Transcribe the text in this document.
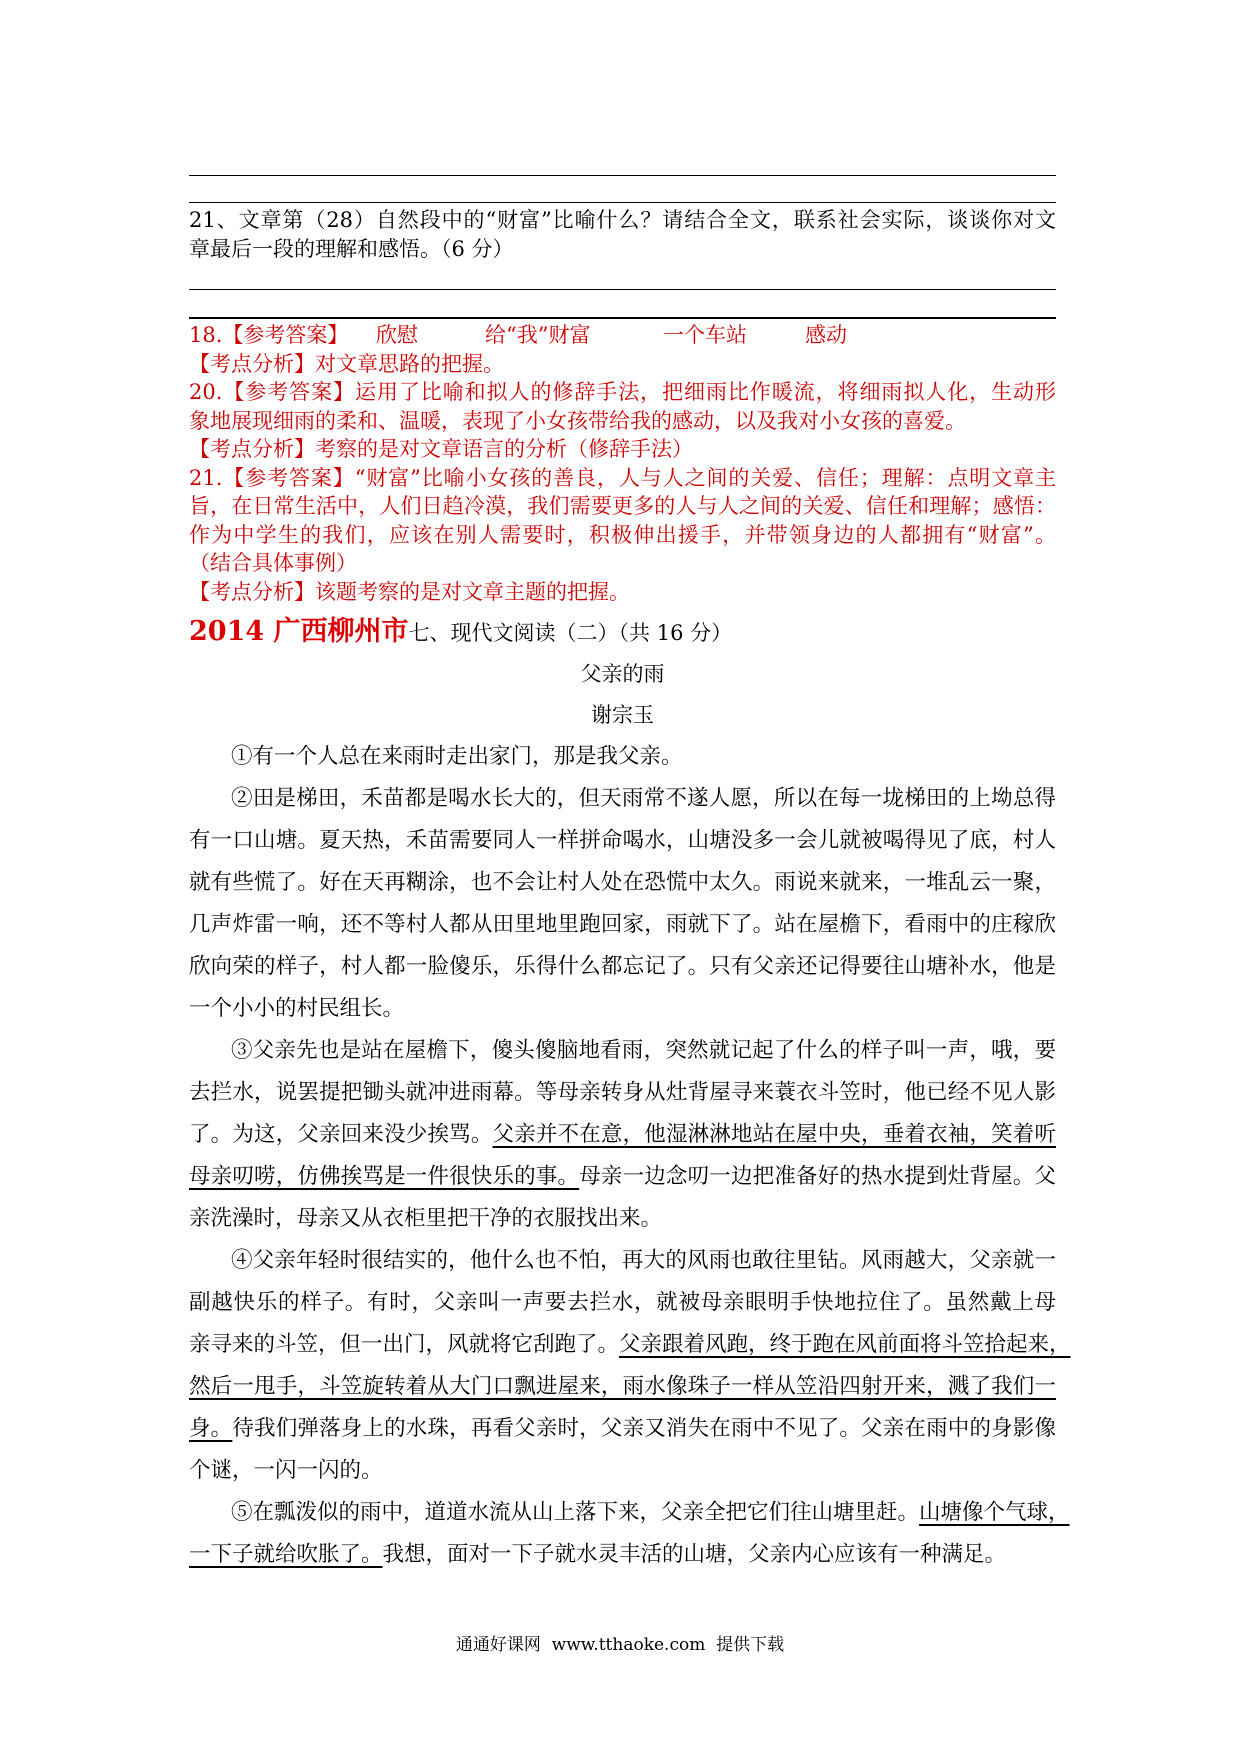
21、文章第（28）自然段中的“财富”比喻什么？请结合全文，联系社会实际，谈谈你对文
章最后一段的理解和感悟。（6 分）
18.【参考答案】 欣慰	给“我”财富	一个车站	感动
【考点分析】对文章思路的把握。
20.【参考答案】运用了比喻和拟人的修辞手法，把细雨比作暖流，将细雨拟人化，生动形
象地展现细雨的柔和、温暖，表现了小女孩带给我的感动，以及我对小女孩的喜爱。
【考点分析】考察的是对文章语言的分析（修辞手法）
21.【参考答案】“财富”比喻小女孩的善良，人与人之间的关爱、信任；理解：点明文章主
旨，在日常生活中，人们日趋冷漠，我们需要更多的人与人之间的关爱、信任和理解；感悟：
作为中学生的我们，应该在别人需要时，积极伸出援手，并带领身边的人都拥有“财富”。
（结合具体事例）
【考点分析】该题考察的是对文章主题的把握。
2014 广西柳州市七、现代文阅读（二）（共 16 分）
父亲的雨
谢宗玉
①有一个人总在来雨时走出家门，那是我父亲。
②田是梯田，禾苗都是喝水长大的，但天雨常不遂人愿，所以在每一垅梯田的上坳总得
有一口山塘。夏天热，禾苗需要同人一样拼命喝水，山塘没多一会儿就被喝得见了底，村人
就有些慌了。好在天再糊涂，也不会让村人处在恐慌中太久。雨说来就来，一堆乱云一聚，
几声炸雷一响，还不等村人都从田里地里跑回家，雨就下了。站在屋檐下，看雨中的庄稼欣
欣向荣的样子，村人都一脸傻乐，乐得什么都忘记了。只有父亲还记得要往山塘补水，他是
一个小小的村民组长。
③父亲先也是站在屋檐下，傻头傻脑地看雨，突然就记起了什么的样子叫一声，哦，要
去拦水，说罢提把锄头就冲进雨幕。等母亲转身从灶背屋寻来蓑衣斗笠时，他已经不见人影
了。为这，父亲回来没少挨骂。父亲并不在意，他湿淋淋地站在屋中央，垂着衣袖，笑着听
母亲叨唠，仿佛挨骂是一件很快乐的事。母亲一边念叨一边把准备好的热水提到灶背屋。父
亲洗澡时，母亲又从衣柜里把干净的衣服找出来。
④父亲年轻时很结实的，他什么也不怕，再大的风雨也敢往里钻。风雨越大，父亲就一
副越快乐的样子。有时，父亲叫一声要去拦水，就被母亲眼明手快地拉住了。虽然戴上母
亲寻来的斗笠，但一出门，风就将它刮跑了。父亲跟着风跑，终于跑在风前面将斗笠拾起来，
然后一甩手，斗笠旋转着从大门口飘进屋来，雨水像珠子一样从笠沿四射开来，溅了我们一
身。待我们弹落身上的水珠，再看父亲时，父亲又消失在雨中不见了。父亲在雨中的身影像
个谜，一闪一闪的。
⑤在瓢泼似的雨中，道道水流从山上落下来，父亲全把它们往山塘里赶。山塘像个气球，
一下子就给吹胀了。我想，面对一下子就水灵丰活的山塘，父亲内心应该有一种满足。
通通好课网  www.tthaoke.com  提供下载
